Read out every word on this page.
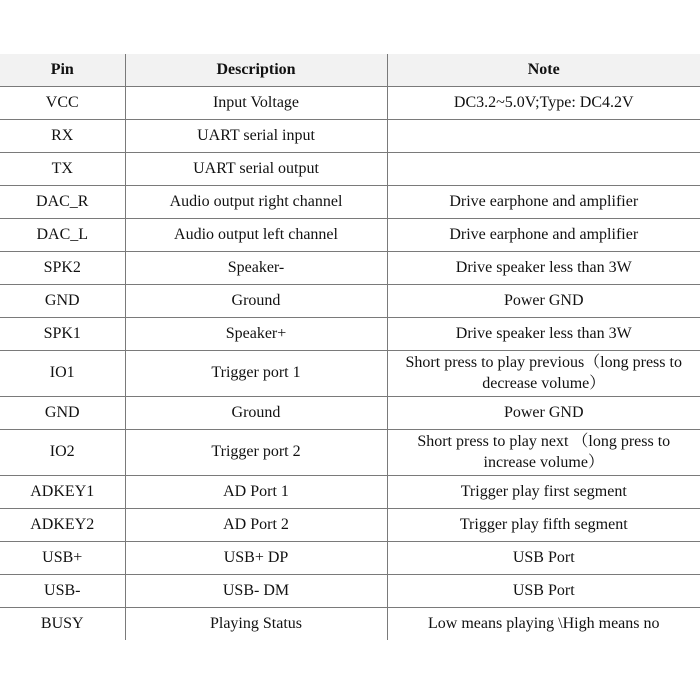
Pin	Description	Note
VCC	Input Voltage	DC3.2~5.0V;Type: DC4.2V
RX	UART serial input	
TX	UART serial output	
DAC_R	Audio output right channel	Drive earphone and amplifier
DAC_L	Audio output left channel	Drive earphone and amplifier
SPK2	Speaker-	Drive speaker less than 3W
GND	Ground	Power GND
SPK1	Speaker+	Drive speaker less than 3W
IO1	Trigger port 1	Short press to play previous（long press to decrease volume）

GND	Ground	Power GND
IO2	Trigger port 2	Short press to play next （long press to increase volume）

ADKEY1	AD Port 1	Trigger play first segment
ADKEY2	AD Port 2	Trigger play fifth segment
USB+	USB+ DP	USB Port
USB-	USB- DM	USB Port
BUSY	Playing Status	Low means playing \High means no
